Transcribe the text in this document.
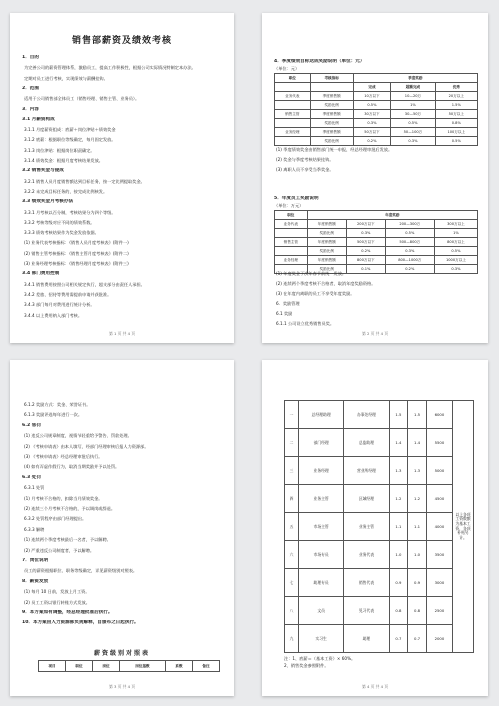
销售部薪资及绩效考核
1．目的
为完善公司的薪资管理体系，激励员工，提高工作积极性，根据公司实际情况特制定本办法。
定期对员工进行考核，实现绩效与薪酬挂钩。
2．范围
适用于公司销售部全体员工（销售经理、销售主管、业务员）。
3．内容
3.1 月薪资构成
3.1.1 月度薪资组成：底薪＋岗位津贴＋绩效奖金
3.1.2 底薪：根据职位等级确定，每月固定发放。
3.1.3 岗位津贴：根据岗位职责确定。
3.1.4 绩效奖金：根据月度考核结果发放。
3.2 销售奖金与提成
3.2.1 销售人员月度销售额达到目标任务，按一定比例提取奖金。
3.2.2 未完成目标任务的，按完成比例核发。
3.3 绩效奖金月考核办法
3.3.1 月考核以百分制，考核结果分为四个等级。
3.3.2 考核等级对应不同的绩效系数。
3.3.3 绩效考核结果作为奖金发放依据。
(1) 业务代表考核指标：《销售人员月度考核表》(附件一)
(2) 销售主管考核指标：《销售主管月度考核表》(附件二)
(3) 业务经理考核指标：《销售经理月度考核表》(附件三)
3.4 部门费用控制
3.4.1 销售费用按照公司相关规定执行，超支部分由责任人承担。
3.4.2 差旅、招待等费用需提前申请并获批准。
3.4.3 部门每月对费用进行统计分析。
3.4.4 以上费用纳入部门考核。
第 1 页 共 4 页
4．季度绩效目标达成奖励说明（单位：元）
（单位：元）
职位	考核指标	季度奖励		
		完成	超额完成	优秀
业务代表	季度销售额	10万以下	10—20万	20万以上
	奖励比例	0.5%	1%	1.5%
销售主管	季度销售额	30万以下	30—50万	50万以上
	奖励比例	0.3%	0.5%	0.8%
业务经理	季度销售额	50万以下	50—100万	100万以上
	奖励比例	0.2%	0.3%	0.5%
(1) 季度绩效奖金由销售部门统一申报，经总经理审批后发放。
(2) 奖金与季度考核结果挂钩。
(3) 离职人员不享受当季奖金。
5．年度员工奖励说明
（单位：万元）
职位	年度奖励			
业务代表	年度销售额	200万以下	200—300万	300万以上
	奖励比例	0.3%	0.5%	1%
销售主管	年度销售额	500万以下	500—800万	800万以上
	奖励比例	0.2%	0.3%	0.5%
业务经理	年度销售额	800万以下	800—1000万	1000万以上
	奖励比例	0.1%	0.2%	0.3%
(1) 年度奖金于次年春节前统一发放。
(2) 连续两个季度考核不合格者，取消年度奖励资格。
(3) 在年度内离职的员工不享受年度奖励。
6．奖励管理
6.1 奖励
6.1.1 公司设立优秀销售员奖。
第 2 页 共 4 页
6.1.2 奖励方式：奖金、荣誉证书。
6.1.3 奖励评选每年进行一次。
6.2 惩罚
(1) 违反公司规章制度，视情节轻重给予警告、罚款处理。
(2) 《考核申请表》由本人填写，经部门经理审核后报人力资源部。
(3) 《考核申请表》经总经理审批后执行。
(4) 如有弄虚作假行为，取消当期奖励并予以处罚。
6.3 处罚
6.3.1 处罚
(1) 月考核不合格的，扣除当月绩效奖金。
(2) 连续三个月考核不合格的，予以调岗或辞退。
6.3.2 处罚程序由部门经理提出。
6.3.3 解聘
(1) 连续两个季度考核最后一名者，予以解聘。
(2) 严重违反公司制度者，予以解聘。
7．岗位说明
员工的薪资根据职位、职务等级确定，详见薪资级别对照表。
8．薪资发放
(1) 每月 10 日前，发放上月工资。
(2) 员工工资以银行转账方式发放。
9．本方案如有调整，经总经理批准后执行。
10．本方案由人力资源部负责解释，自颁布之日起执行。
薪资级别对照表
项目	职位	岗位	岗位基数	系数	备注
第 3 页 共 4 页
一	总经理助理	办事处经理	1.5	1.5	6000	以上各项工资数额为基本工资，各项补贴另计。
二	部门经理	总监助理	1.4	1.4	5500	
三	业务经理	营业所经理	1.3	1.3	5000	
四	业务主管	区域经理	1.2	1.2	4500	
五	市场主管	业务主管	1.1	1.1	4000	
六	市场专员	业务代表	1.0	1.0	3500	
七	助理专员	销售代表	0.9	0.9	3000	
八	文员	见习代表	0.8	0.8	2500	
九	实习生	助理	0.7	0.7	2000	
注：1、底薪＝（基本工资）× 60%。
2、销售奖金参照附件。
第 4 页 共 4 页
